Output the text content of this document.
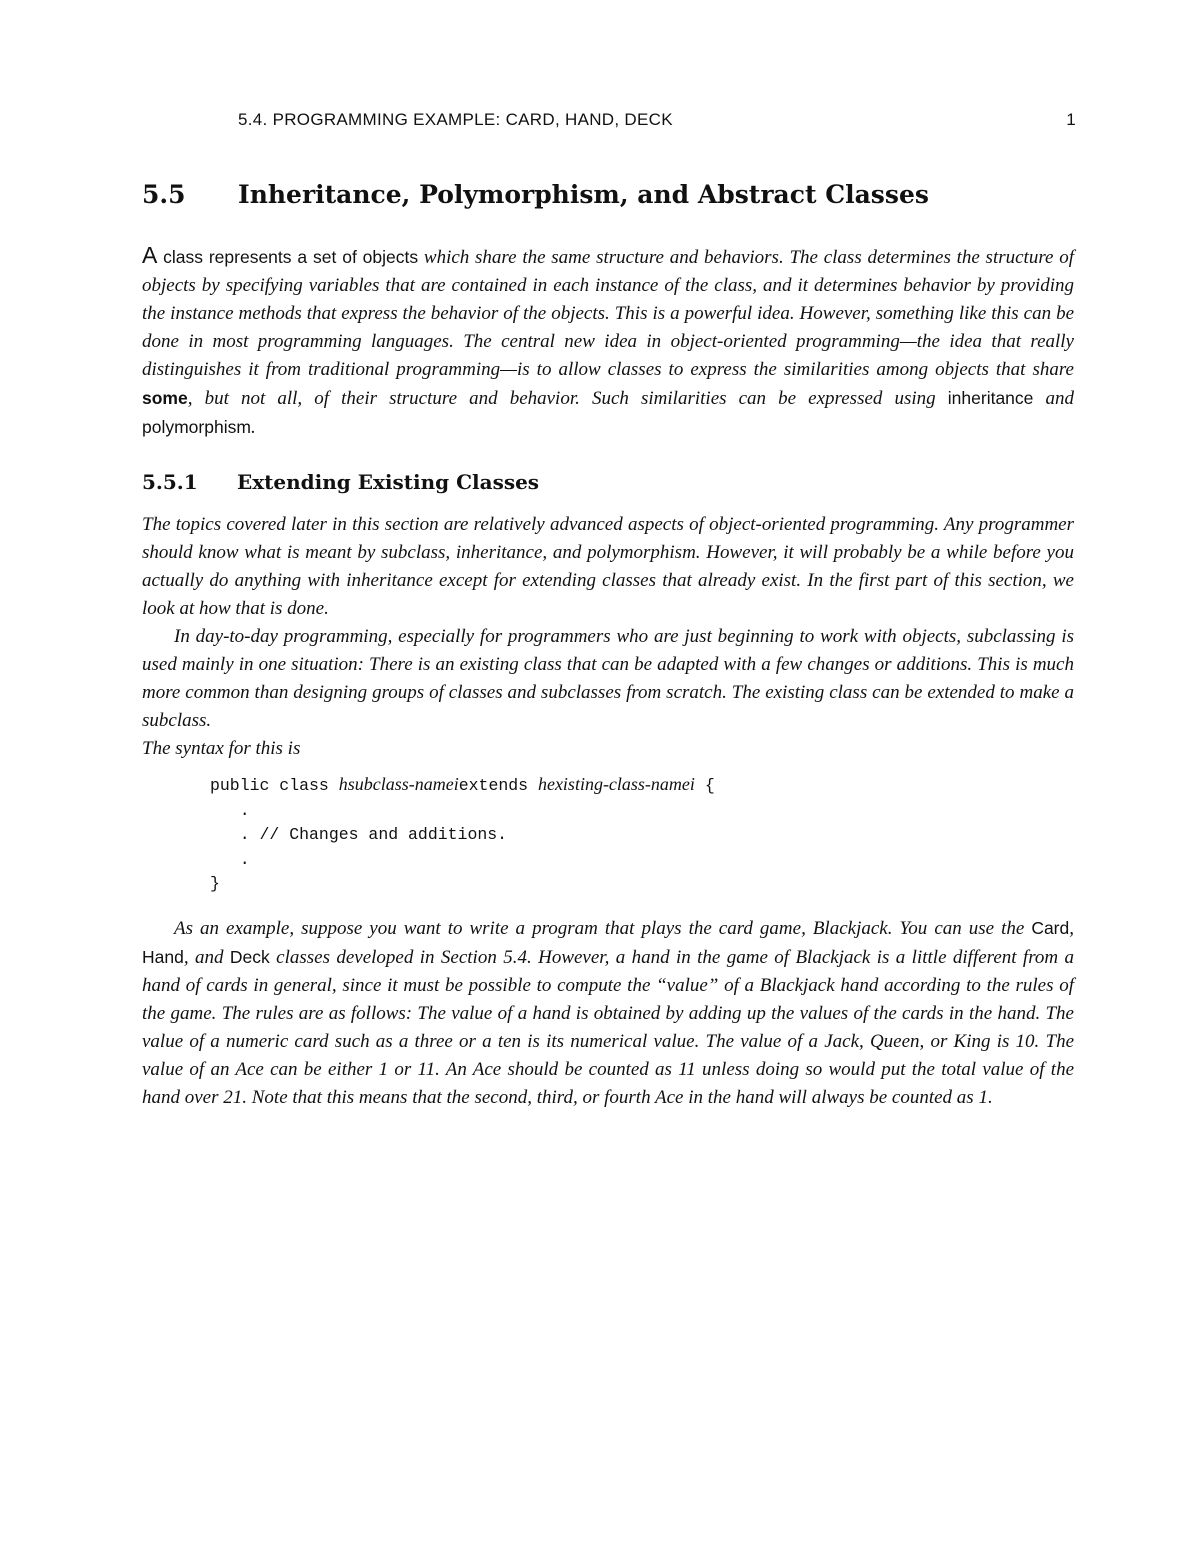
5.4. PROGRAMMING EXAMPLE: CARD, HAND, DECK	1
5.5 Inheritance, Polymorphism, and Abstract Classes

A class represents a set of objects which share the same structure and behaviors. The class determines the structure of objects by specifying variables that are contained in each instance of the class, and it determines behavior by providing the instance methods that express the behavior of the objects. This is a powerful idea. However, something like this can be done in most programming languages. The central new idea in object-oriented programming—the idea that really distinguishes it from traditional programming—is to allow classes to express the similarities among objects that share some, but not all, of their structure and behavior. Such similarities can be expressed using inheritance and polymorphism.

5.5.1 Extending Existing Classes

The topics covered later in this section are relatively advanced aspects of object-oriented programming. Any programmer should know what is meant by subclass, inheritance, and polymorphism. However, it will probably be a while before you actually do anything with inheritance except for extending classes that already exist. In the first part of this section, we look at how that is done.

In day-to-day programming, especially for programmers who are just beginning to work with objects, subclassing is used mainly in one situation: There is an existing class that can be adapted with a few changes or additions. This is much more common than designing groups of classes and subclasses from scratch. The existing class can be extended to make a subclass.

The syntax for this is

public class hsubclass-nameiextends hexisting-class-namei {
.
. // Changes and additions.
.
}

As an example, suppose you want to write a program that plays the card game, Blackjack. You can use the Card, Hand, and Deck classes developed in Section 5.4. However, a hand in the game of Blackjack is a little different from a hand of cards in general, since it must be possible to compute the “value” of a Blackjack hand according to the rules of the game. The rules are as follows: The value of a hand is obtained by adding up the values of the cards in the hand. The value of a numeric card such as a three or a ten is its numerical value. The value of a Jack, Queen, or King is 10. The value of an Ace can be either 1 or 11. An Ace should be counted as 11 unless doing so would put the total value of the hand over 21. Note that this means that the second, third, or fourth Ace in the hand will always be counted as 1.
